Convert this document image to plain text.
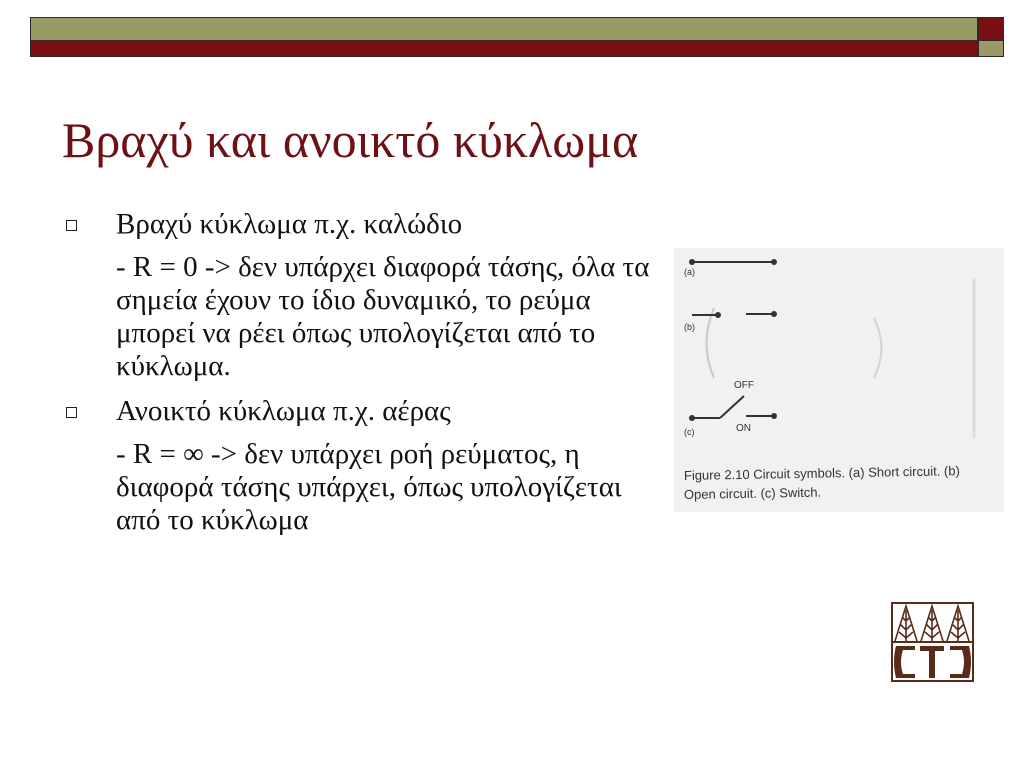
Βραχύ και ανοικτό κύκλωμα
Βραχύ κύκλωμα π.χ. καλώδιο
- R = 0 -> δεν υπάρχει διαφορά τάσης, όλα τα σημεία έχουν το ίδιο δυναμικό, το ρεύμα μπορεί να ρέει όπως υπολογίζεται από το κύκλωμα.
Ανοικτό κύκλωμα π.χ. αέρας
- R = ∞ -> δεν υπάρχει ροή ρεύματος, η διαφορά τάσης υπάρχει, όπως υπολογίζεται από το κύκλωμα
(a)
(b)
OFF
ON
(c)
Figure 2.10 Circuit symbols. (a) Short circuit. (b)
Open circuit. (c) Switch.
